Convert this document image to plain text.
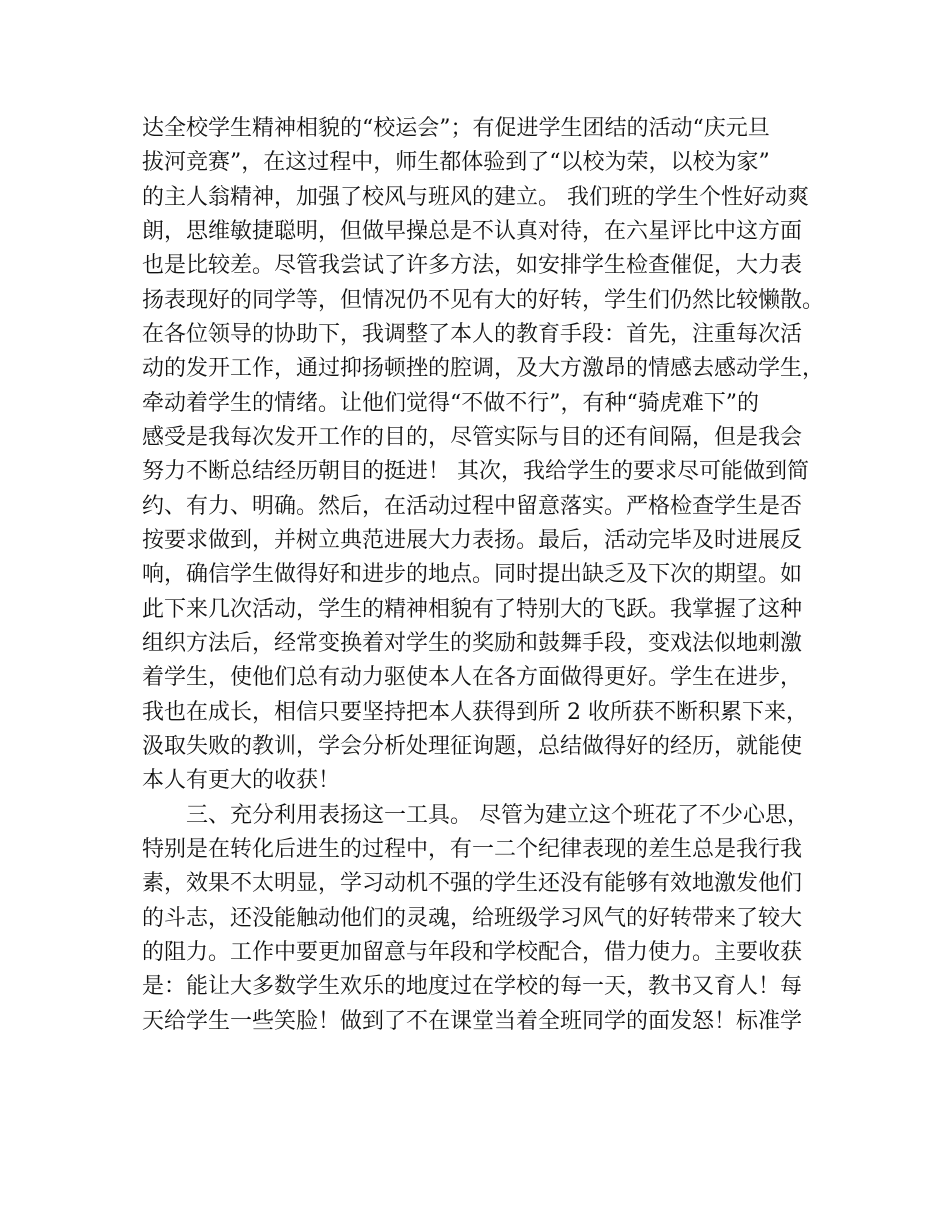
达全校学生精神相貌的“校运会”；有促进学生团结的活动“庆元旦
拔河竞赛”，在这过程中，师生都体验到了“以校为荣，以校为家”
的主人翁精神，加强了校风与班风的建立。 我们班的学生个性好动爽
朗，思维敏捷聪明，但做早操总是不认真对待，在六星评比中这方面
也是比较差。尽管我尝试了许多方法，如安排学生检查催促，大力表
扬表现好的同学等，但情况仍不见有大的好转，学生们仍然比较懒散。
在各位领导的协助下，我调整了本人的教育手段：首先，注重每次活
动的发开工作，通过抑扬顿挫的腔调，及大方激昂的情感去感动学生，
牵动着学生的情绪。让他们觉得“不做不行”，有种“骑虎难下”的
感受是我每次发开工作的目的，尽管实际与目的还有间隔，但是我会
努力不断总结经历朝目的挺进！ 其次，我给学生的要求尽可能做到简
约、有力、明确。然后，在活动过程中留意落实。严格检查学生是否
按要求做到，并树立典范进展大力表扬。最后，活动完毕及时进展反
响，确信学生做得好和进步的地点。同时提出缺乏及下次的期望。如
此下来几次活动，学生的精神相貌有了特别大的飞跃。我掌握了这种
组织方法后，经常变换着对学生的奖励和鼓舞手段，变戏法似地刺激
着学生，使他们总有动力驱使本人在各方面做得更好。学生在进步，
我也在成长，相信只要坚持把本人获得到所 2 收所获不断积累下来，
汲取失败的教训，学会分析处理征询题，总结做得好的经历，就能使
本人有更大的收获！
三、充分利用表扬这一工具。 尽管为建立这个班花了不少心思，
特别是在转化后进生的过程中，有一二个纪律表现的差生总是我行我
素，效果不太明显，学习动机不强的学生还没有能够有效地激发他们
的斗志，还没能触动他们的灵魂，给班级学习风气的好转带来了较大
的阻力。工作中要更加留意与年段和学校配合，借力使力。主要收获
是：能让大多数学生欢乐的地度过在学校的每一天，教书又育人！每
天给学生一些笑脸！做到了不在课堂当着全班同学的面发怒！标准学
